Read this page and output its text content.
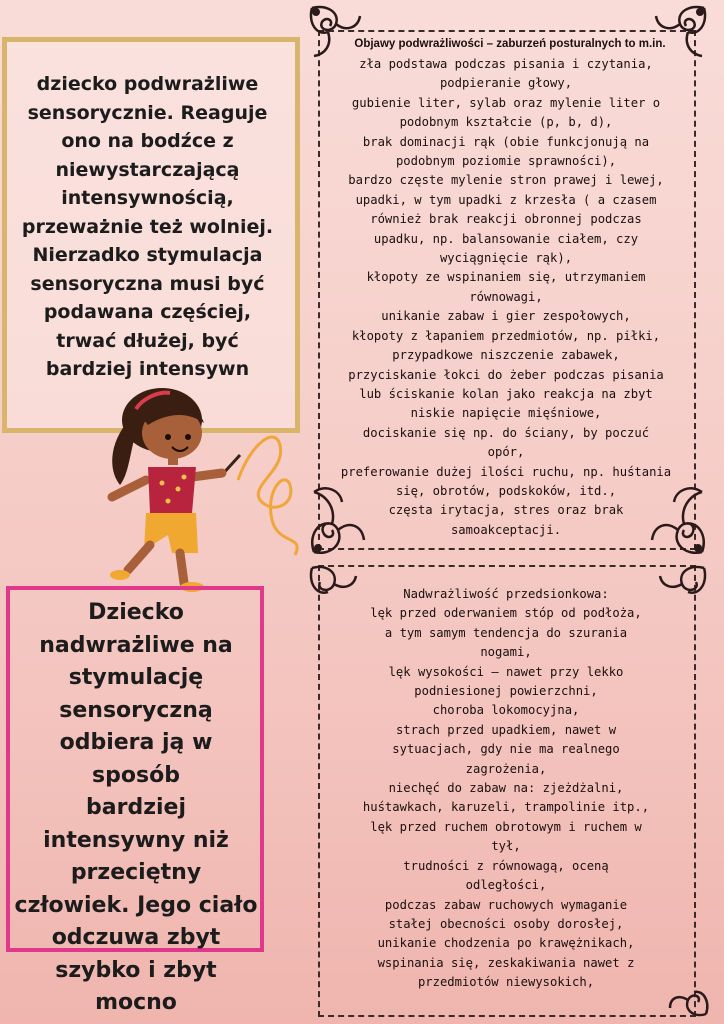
dziecko podwrażliwe
sensorycznie. Reaguje
ono na bodźce z
niewystarczającą
intensywnością,
przeważnie też wolniej.
Nierzadko stymulacja
sensoryczna musi być
podawana częściej,
trwać dłużej, być
bardziej intensywn
Dziecko
nadwrażliwe na
stymulację
sensoryczną
odbiera ją w sposób
bardziej
intensywny niż
przeciętny
człowiek. Jego ciało
odczuwa zbyt
szybko i zbyt mocno
Objawy podwrażliwości – zaburzeń posturalnych to m.in.
zła podstawa podczas pisania i czytania,
podpieranie głowy,
gubienie liter, sylab oraz mylenie liter o
podobnym kształcie (p, b, d),
brak dominacji rąk (obie funkcjonują na
podobnym poziomie sprawności),
bardzo częste mylenie stron prawej i lewej,
upadki, w tym upadki z krzesła ( a czasem
również brak reakcji obronnej podczas
upadku, np. balansowanie ciałem, czy
wyciągnięcie rąk),
kłopoty ze wspinaniem się, utrzymaniem
równowagi,
unikanie zabaw i gier zespołowych,
kłopoty z łapaniem przedmiotów, np. piłki,
przypadkowe niszczenie zabawek,
przyciskanie łokci do żeber podczas pisania
lub ściskanie kolan jako reakcja na zbyt
niskie napięcie mięśniowe,
dociskanie się np. do ściany, by poczuć
opór,
preferowanie dużej ilości ruchu, np. huśtania
się, obrotów, podskoków, itd.,
częsta irytacja, stres oraz brak
samoakceptacji.
Nadwrażliwość przedsionkowa:
lęk przed oderwaniem stóp od podłoża,
a tym samym tendencja do szurania
nogami,
lęk wysokości – nawet przy lekko
podniesionej powierzchni,
choroba lokomocyjna,
strach przed upadkiem, nawet w
sytuacjach, gdy nie ma realnego
zagrożenia,
niechęć do zabaw na: zjeżdżalni,
huśtawkach, karuzeli, trampolinie itp.,
lęk przed ruchem obrotowym i ruchem w
tył,
trudności z równowagą, oceną
odległości,
podczas zabaw ruchowych wymaganie
stałej obecności osoby dorosłej,
unikanie chodzenia po krawężnikach,
wspinania się, zeskakiwania nawet z
przedmiotów niewysokich,
